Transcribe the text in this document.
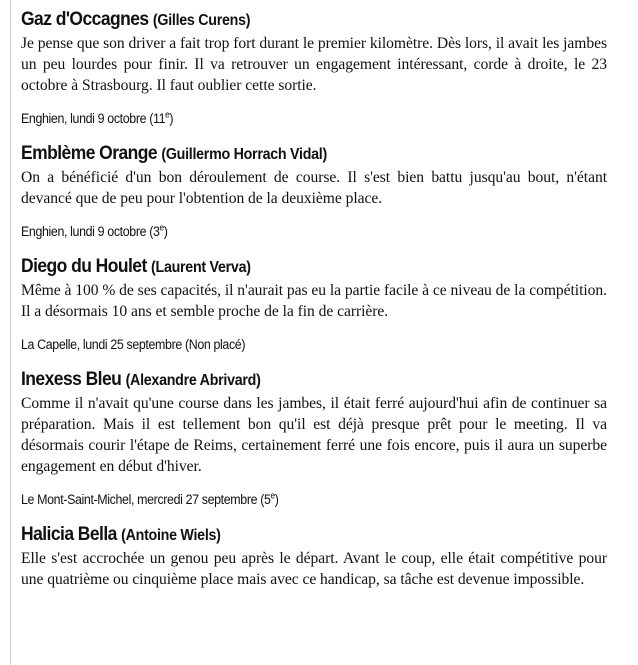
Gaz d'Occagnes (Gilles Curens)

Je pense que son driver a fait trop fort durant le premier kilomètre. Dès lors, il avait les jambes un peu lourdes pour finir. Il va retrouver un engagement intéressant, corde à droite, le 23 octobre à Strasbourg. Il faut oublier cette sortie.

Enghien, lundi 9 octobre (11e)
Emblème Orange (Guillermo Horrach Vidal)

On a bénéficié d'un bon déroulement de course. Il s'est bien battu jusqu'au bout, n'étant devancé que de peu pour l'obtention de la deuxième place.

Enghien, lundi 9 octobre (3e)
Diego du Houlet (Laurent Verva)

Même à 100 % de ses capacités, il n'aurait pas eu la partie facile à ce niveau de la compétition. Il a désormais 10 ans et semble proche de la fin de carrière.

La Capelle, lundi 25 septembre (Non placé)
Inexess Bleu (Alexandre Abrivard)

Comme il n'avait qu'une course dans les jambes, il était ferré aujourd'hui afin de continuer sa préparation. Mais il est tellement bon qu'il est déjà presque prêt pour le meeting. Il va désormais courir l'étape de Reims, certainement ferré une fois encore, puis il aura un superbe engagement en début d'hiver.

Le Mont-Saint-Michel, mercredi 27 septembre (5e)
Halicia Bella (Antoine Wiels)

Elle s'est accrochée un genou peu après le départ. Avant le coup, elle était compétitive pour une quatrième ou cinquième place mais avec ce handicap, sa tâche est devenue impossible.
